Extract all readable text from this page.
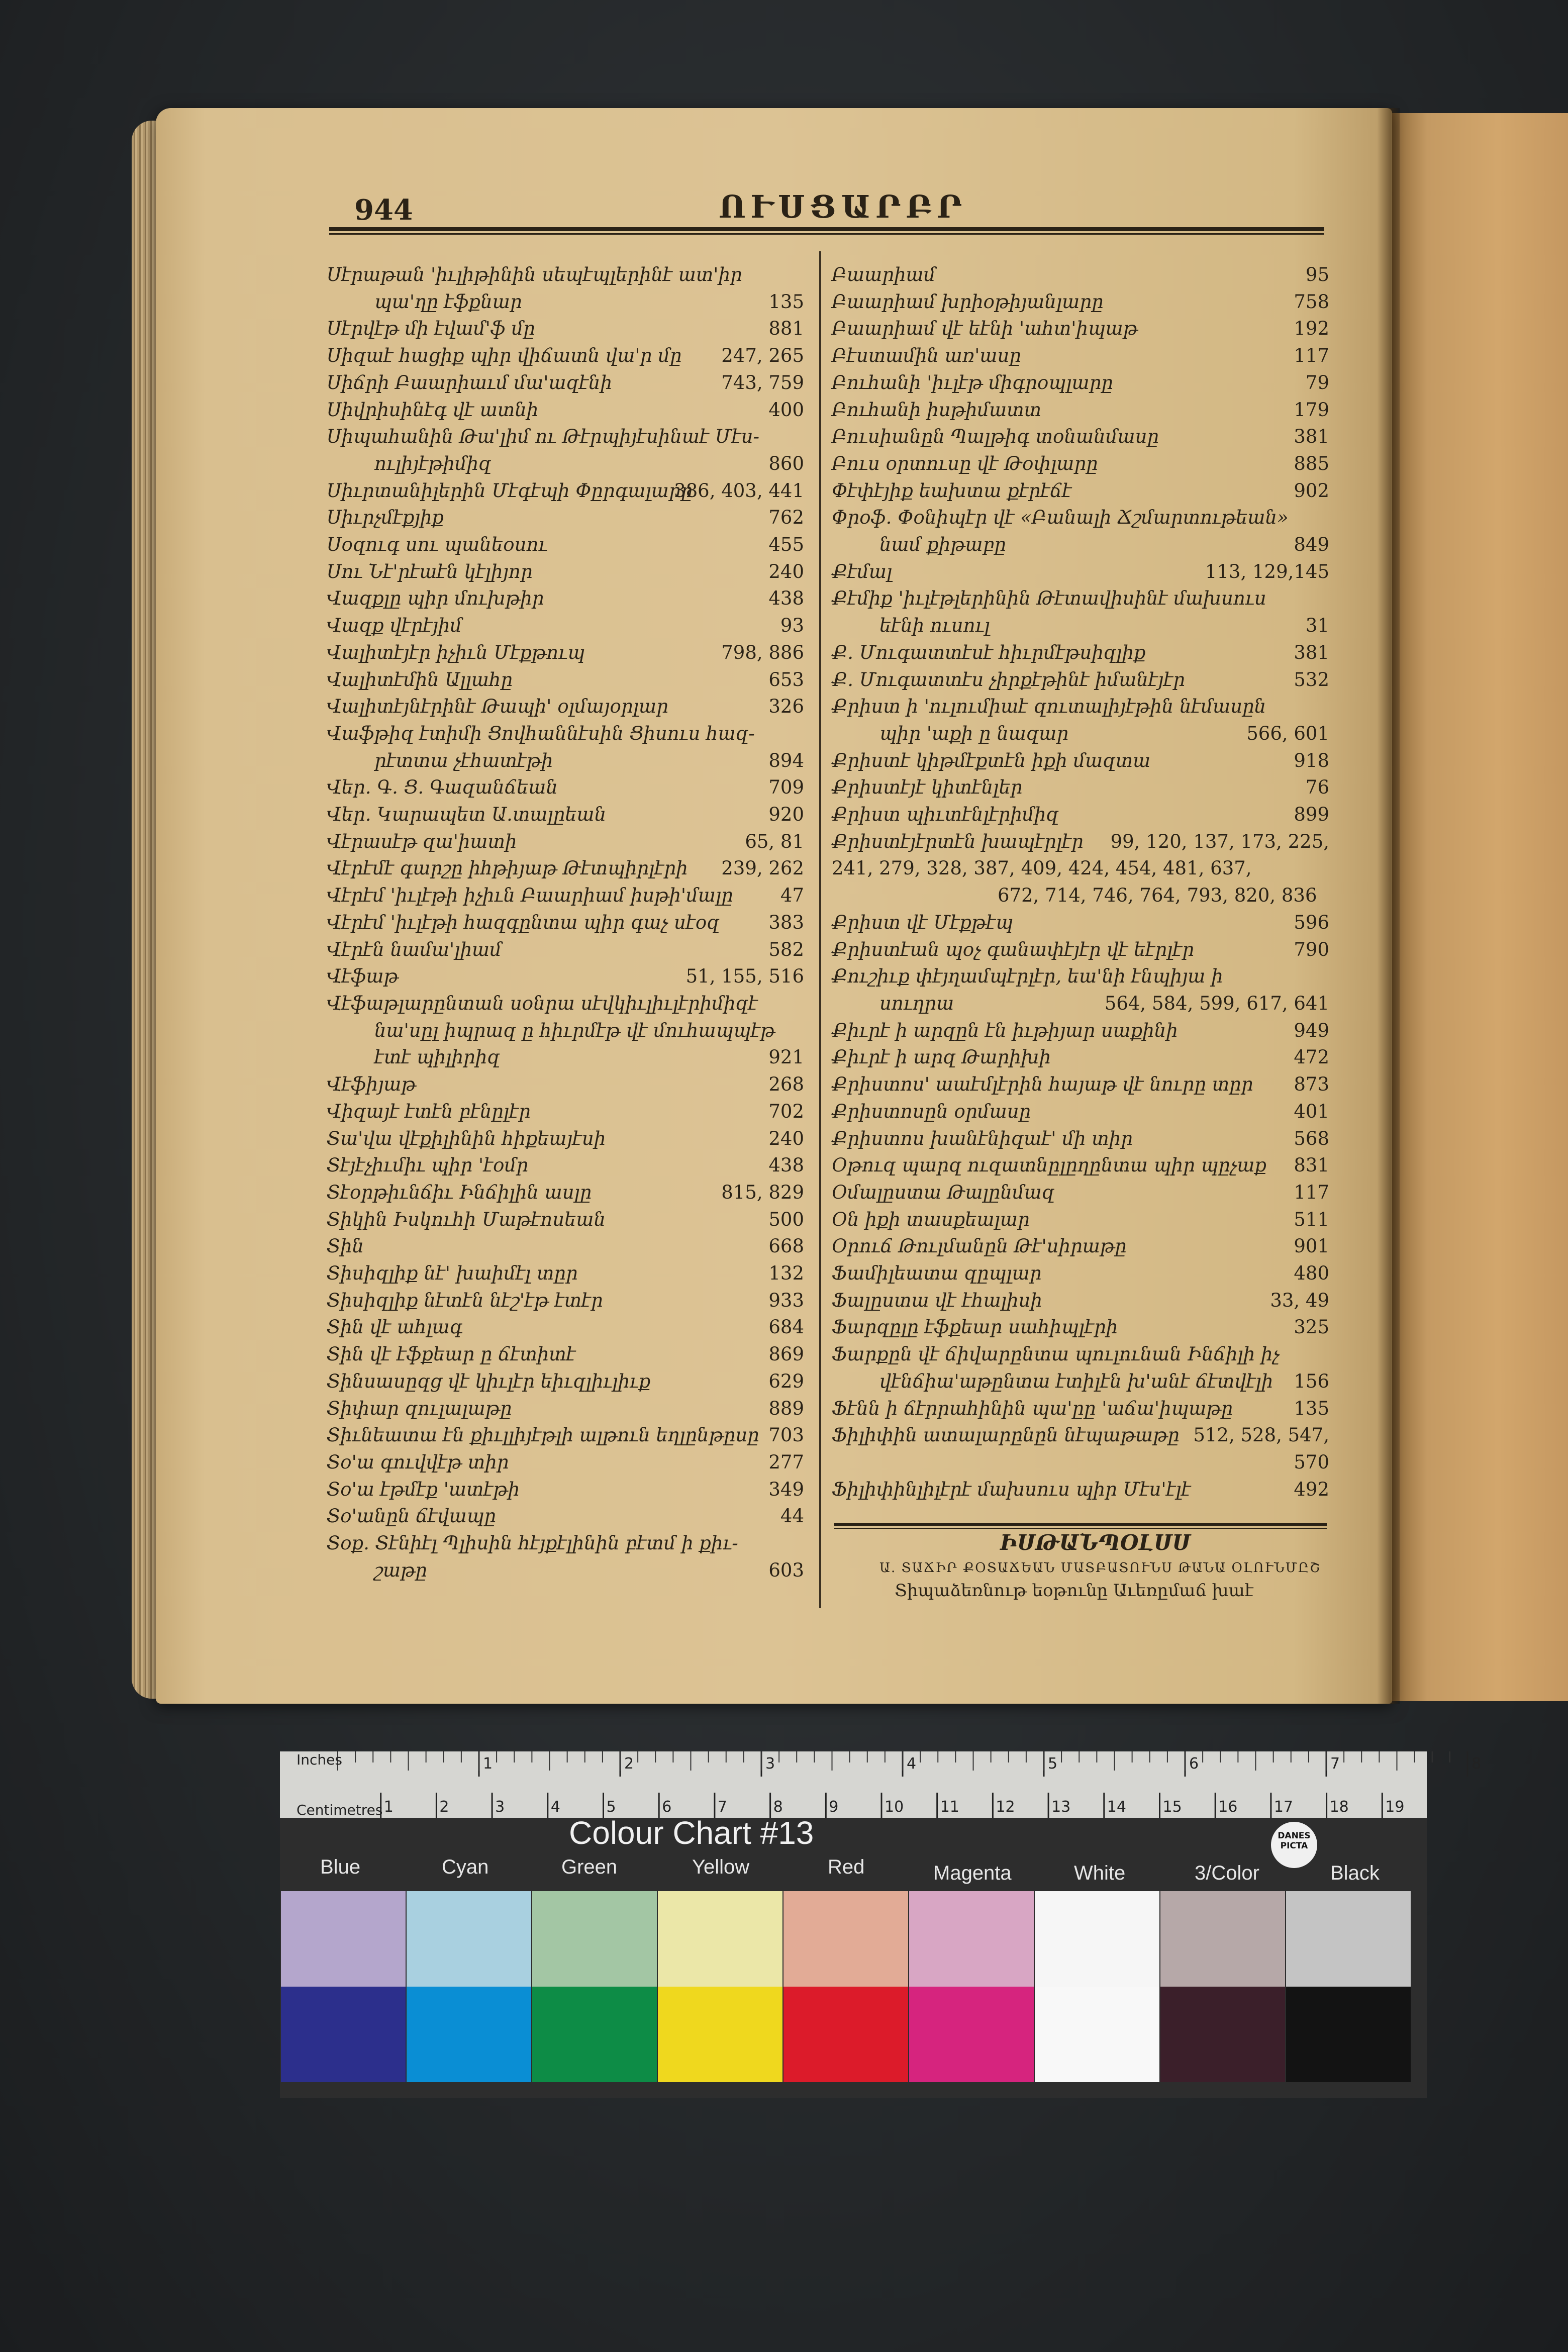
944	ՈՒՍՑԱՐԲՐ
Սէրաթան 'իւլիթինին սեպէպլերինէ ատ'իր
պա'ղը էֆքնար	135
Սէրվէթ մի էվամ'ֆ մը	881
Սիզաէ հացիք պիր վիճատն վա'ր մը 247, 265
Սիճրի Բաարիաւմ մա'ազէնի	743, 759
Սիվրիսինէգ վէ ատնի	400
Սիպահանին Թա'լիմ ու Թէրպիյէսինաէ Մէս-
ուլիյէթիմիզ	860
Սիւրտանիլերին Մէգէպի Փըրգալարը
386, 403, 441
Սիւրչմէքյիք	762
Սօզուգ սու պանեօսու	455
Սու Նէ'րէաէն կէլիյոր	240
Վազքլը պիր մուխթիր	438
Վազք վէրէյիմ	93
Վալիտէյէր իչիւն Մէքթուպ	798, 886
Վալիտէմին Ալլահը	653
Վալիտէյնէրինէ Թապի' օլմայօրլար	326
Վաֆթիզ էտիմի Ցովհաննէսին Ցիսուս հազ-
րէտտա չէհատէթի	894
Վեր. Գ. Ց. Գազանճեան	709
Վեր. Կարապետ Ա.տալըեան	920
Վէրասէթ զա'իատի	65, 81
Վէրէմէ գարշը իհթիյաթ Թէտպիրլէրի 239, 262
Վէրէմ 'իւլէթի իչիւն Բաարիամ իսթի'մալը	47
Վէրէմ 'իւլէթի հազգընտա պիր գաչ սէօզ	383
Վէրէն նամա'լիամ	582
Վէֆաթ	51, 155, 516
Վէֆաթլարընտան սօնրա սէվկիւլիւլէրիմիզէ
նա'սըլ իպրազ ը հիւրմէթ վէ մուհապպէթ
էտէ պիլիրիզ	921
Վէֆիյաթ	268
Վիզայէ էտէն բէնըլէր	702
Տա'վա վէքիլինին հիքեայէսի	240
Տէյէչիւմիւ պիր 'էօմր	438
Տէօրթիւնճիւ Ինճիլին ասլը	815, 829
Տիկին Իսկուհի Մաթէոսեան	500
Տին	668
Տիսիզլիք նէ' խաիմէլ տըր	132
Տիսիզլիք նէտէն նէշ'էթ էտէր	933
Տին վէ ահլագ	684
Տին վէ էֆքեար ը ճէտիտէ	869
Տինսասըզց վէ կիւլէր եիւզլիւլիւք	629
Տիփար զուլալաթը	889
Տիւնեատա էն քիւլլիյէթլի ալթուն եղլընթըսը 703
Տօ'ա գուվվէթ տիր	277
Տօ'ա էթմէք 'ատէթի	349
Տօ'անըն ճէվապը	44
Տօք. Տէնիէլ Պլիսին հէյքէլինին բէտմ ի քիւ-
շաթը	603
Բաարիամ	95
Բաարիամ խրիօթիյանլարը	758
Բաարիամ վէ եէնի 'ահտ'իպաթ	192
Բէստամին առ'ասը	117
Բուհանի 'իւլէթ միգրօպլարը	79
Բուհանի իսթիմատտ	179
Բուսիանըն Պալթիգ տօնանմասը	381
Բուս օրտուսը վէ Թօփլարը	885
Փէփէյիք եախտա քէրէճէ	902
Փրօֆ. Փօնիպէր վէ «Բանալի Ճշմարտութեան»
նամ քիթաբը	849
Քէմալ	113, 129,145
Քէմիք 'իւլէթլերինին Թէտավիսինէ մախսուս
եէնի ուսուլ	31
Ք. Մուգատտէսէ հիւրմէթսիզլիք	381
Ք. Մուգատտէս չիրքէթինէ իմանէյէր	532
Քրիստ ի 'ուլումիաէ զուտալիյէթին նէմասըն
պիր 'աքի ը նազար	566, 601
Քրիստէ կիթմէքտէն իքի մազտա	918
Քրիստէյէ կիտէնլեր	76
Քրիստ պիւտէնլէրիմիզ	899
Քրիստէյէրտէն խապէրլէր 99, 120, 137, 173, 225,
241, 279, 328, 387, 409, 424, 454, 481, 637,
672, 714, 746, 764, 793, 820, 836
Քրիստ վէ Մէքթէպ	596
Քրիստէան պօչ գանափէյէր վէ եէրլէր	790
Քուշիւք փէյղամպէրլէր, եա'նի էնպիյա ի
սուղրա	564, 584, 599, 617, 641
Քիւրէ ի արզըն էն իւթիյար սաքինի	949
Քիւրէ ի արզ Թարիխի	472
Քրիստոս' աաէմլէրին հայաթ վէ նուրը տըր 873
Քրիստոսըն օրմասը	401
Քրիստոս խանէնիզաէ' մի տիր	568
Օթուզ պարզ ուզատնըլըղընտա պիր պըչաք 831
Օմալըստա Թալընմազ	117
Օն իքի տասքեալար	511
Օրուճ Թուլմանըն Թէ'սիրաթը	901
Ֆամիլեատա զըպլար	480
Ֆալըստա վէ էհալիսի	33, 49
Ֆարզըլը էֆքեար սահիպլէրի	325
Ֆարքըն վէ ճիվարընտա պուլունան Ինճիլի իչ
վէնճիա'աթընտա էտիլէն խ'անէ ճէտվէլի 156
Ֆէնն ի ճէրրահինին պա'ըը 'աճա'իպաթը	135
Ֆիլիփին ատալարընըն նէպաթաթը 512, 528, 547,
570
Ֆիլիփինլիլէրէ մախսուս պիր Մէս'էլէ	492
ԻՍԹԱՆՊՕԼՍՍ
Ա. ՏԱՃԻՐ ՔՕՏԱՃԵԱՆ ՄԱՏԲԱՏՈՒՆՍ ԹԱՆԱ ՕԼՈՒՆՄԸՇ
Տիպաձեռնութ եօթունը Աւեռըմաճ խաէ
1	2	3	4	5	6	7	8
1	2	3	4	5	6	7	8	9	10 11 12 13 14 15 16 17 18 19
Inches
Centimetres
Colour Chart #13	DANES
PICTA
Blue	Cyan	Green	Yellow	Red	Magenta	White	3/Color	Black
